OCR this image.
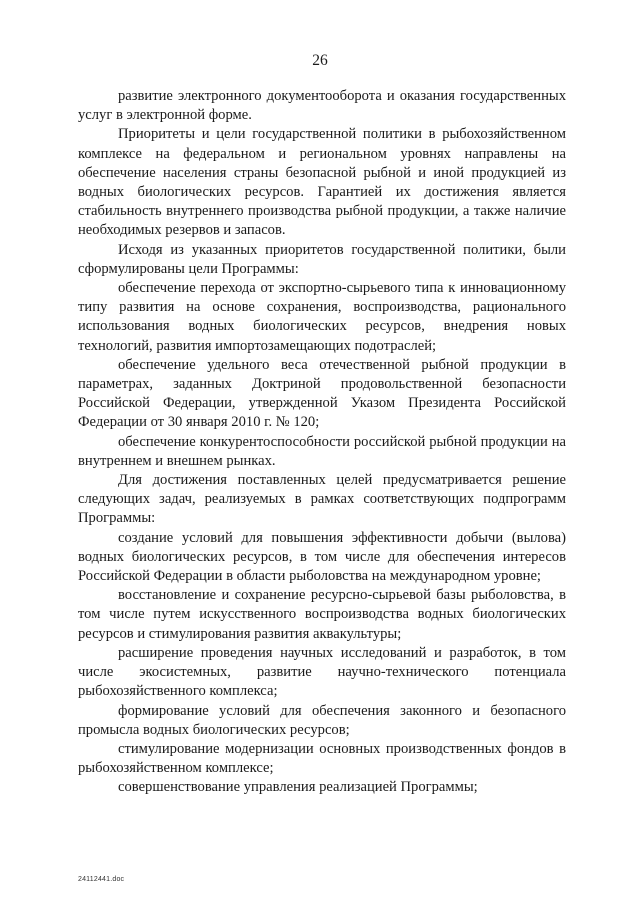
26

развитие электронного документооборота и оказания государственных услуг в электронной форме.

Приоритеты и цели государственной политики в рыбохозяйственном комплексе на федеральном и региональном уровнях направлены на обеспечение населения страны безопасной рыбной и иной продукцией из водных биологических ресурсов. Гарантией их достижения является стабильность внутреннего производства рыбной продукции, а также наличие необходимых резервов и запасов.

Исходя из указанных приоритетов государственной политики, были сформулированы цели Программы:

обеспечение перехода от экспортно-сырьевого типа к инновационному типу развития на основе сохранения, воспроизводства, рационального использования водных биологических ресурсов, внедрения новых технологий, развития импортозамещающих подотраслей;

обеспечение удельного веса отечественной рыбной продукции в параметрах, заданных Доктриной продовольственной безопасности Российской Федерации, утвержденной Указом Президента Российской Федерации от 30 января 2010 г. № 120;

обеспечение конкурентоспособности российской рыбной продукции на внутреннем и внешнем рынках.

Для достижения поставленных целей предусматривается решение следующих задач, реализуемых в рамках соответствующих подпрограмм Программы:

создание условий для повышения эффективности добычи (вылова) водных биологических ресурсов, в том числе для обеспечения интересов Российской Федерации в области рыболовства на международном уровне;

восстановление и сохранение ресурсно-сырьевой базы рыболовства, в том числе путем искусственного воспроизводства водных биологических ресурсов и стимулирования развития аквакультуры;

расширение проведения научных исследований и разработок, в том числе экосистемных, развитие научно-технического потенциала рыбохозяйственного комплекса;

формирование условий для обеспечения законного и безопасного промысла водных биологических ресурсов;

стимулирование модернизации основных производственных фондов в рыбохозяйственном комплексе;

совершенствование управления реализацией Программы;

24112441.doc
